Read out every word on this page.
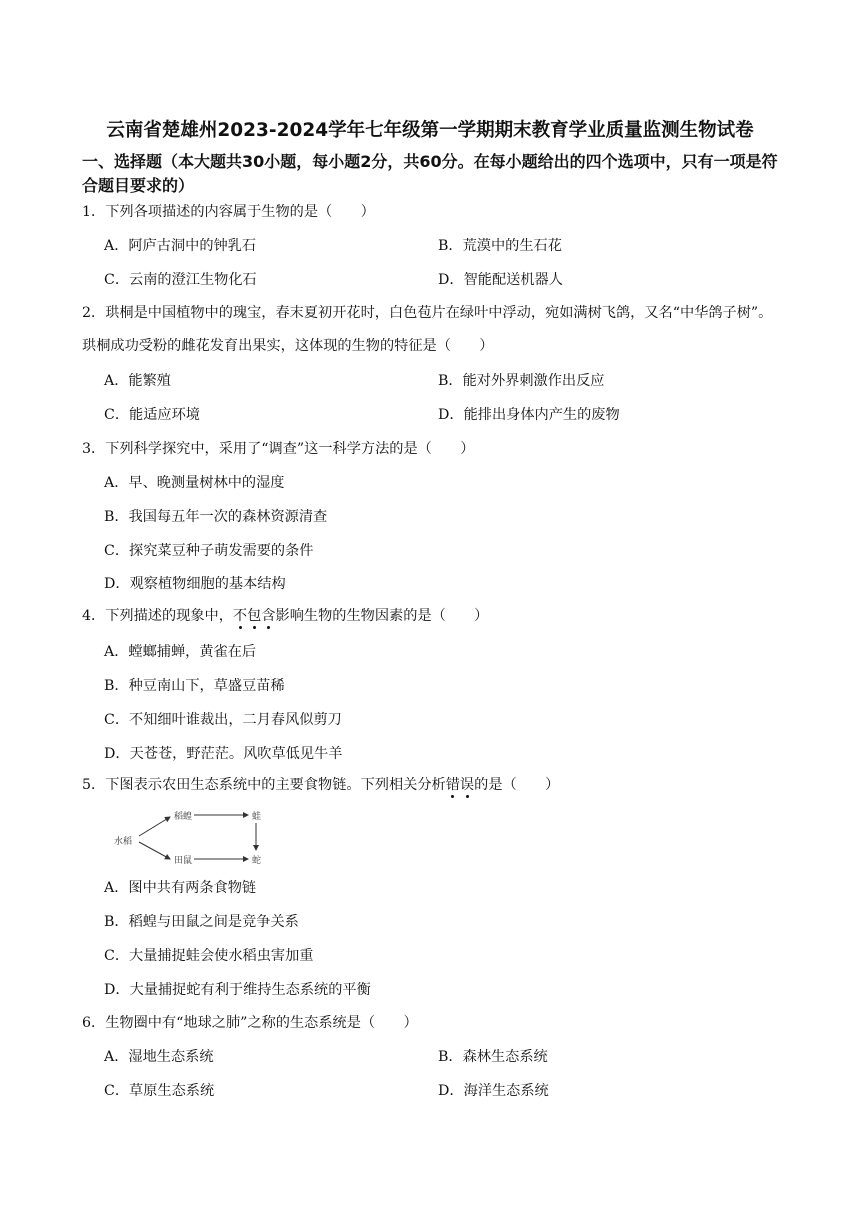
云南省楚雄州2023-2024学年七年级第一学期期末教育学业质量监测生物试卷
一、选择题（本大题共30小题，每小题2分，共60分。在每小题给出的四个选项中，只有一项是符合题目要求的）
1．下列各项描述的内容属于生物的是（　　）
A．阿庐古洞中的钟乳石	B．荒漠中的生石花
C．云南的澄江生物化石	D．智能配送机器人
2．珙桐是中国植物中的瑰宝，春末夏初开花时，白色苞片在绿叶中浮动，宛如满树飞鸽，又名“中华鸽子树”。珙桐成功受粉的雌花发育出果实，这体现的生物的特征是（　　）
A．能繁殖	B．能对外界刺激作出反应
C．能适应环境	D．能排出身体内产生的废物
3．下列科学探究中，采用了“调查”这一科学方法的是（　　）
A．早、晚测量树林中的湿度
B．我国每五年一次的森林资源清查
C．探究菜豆种子萌发需要的条件
D．观察植物细胞的基本结构
4．下列描述的现象中，不包含影响生物的生物因素的是（　　）
A．螳螂捕蝉，黄雀在后
B．种豆南山下，草盛豆苗稀
C．不知细叶谁裁出，二月春风似剪刀
D．天苍苍，野茫茫。风吹草低见牛羊
5．下图表示农田生态系统中的主要食物链。下列相关分析错误的是（　　）
水稻
稻蝗	蛙
田鼠	蛇
A．图中共有两条食物链
B．稻蝗与田鼠之间是竞争关系
C．大量捕捉蛙会使水稻虫害加重
D．大量捕捉蛇有利于维持生态系统的平衡
6．生物圈中有“地球之肺”之称的生态系统是（　　）
A．湿地生态系统	B．森林生态系统
C．草原生态系统	D．海洋生态系统
